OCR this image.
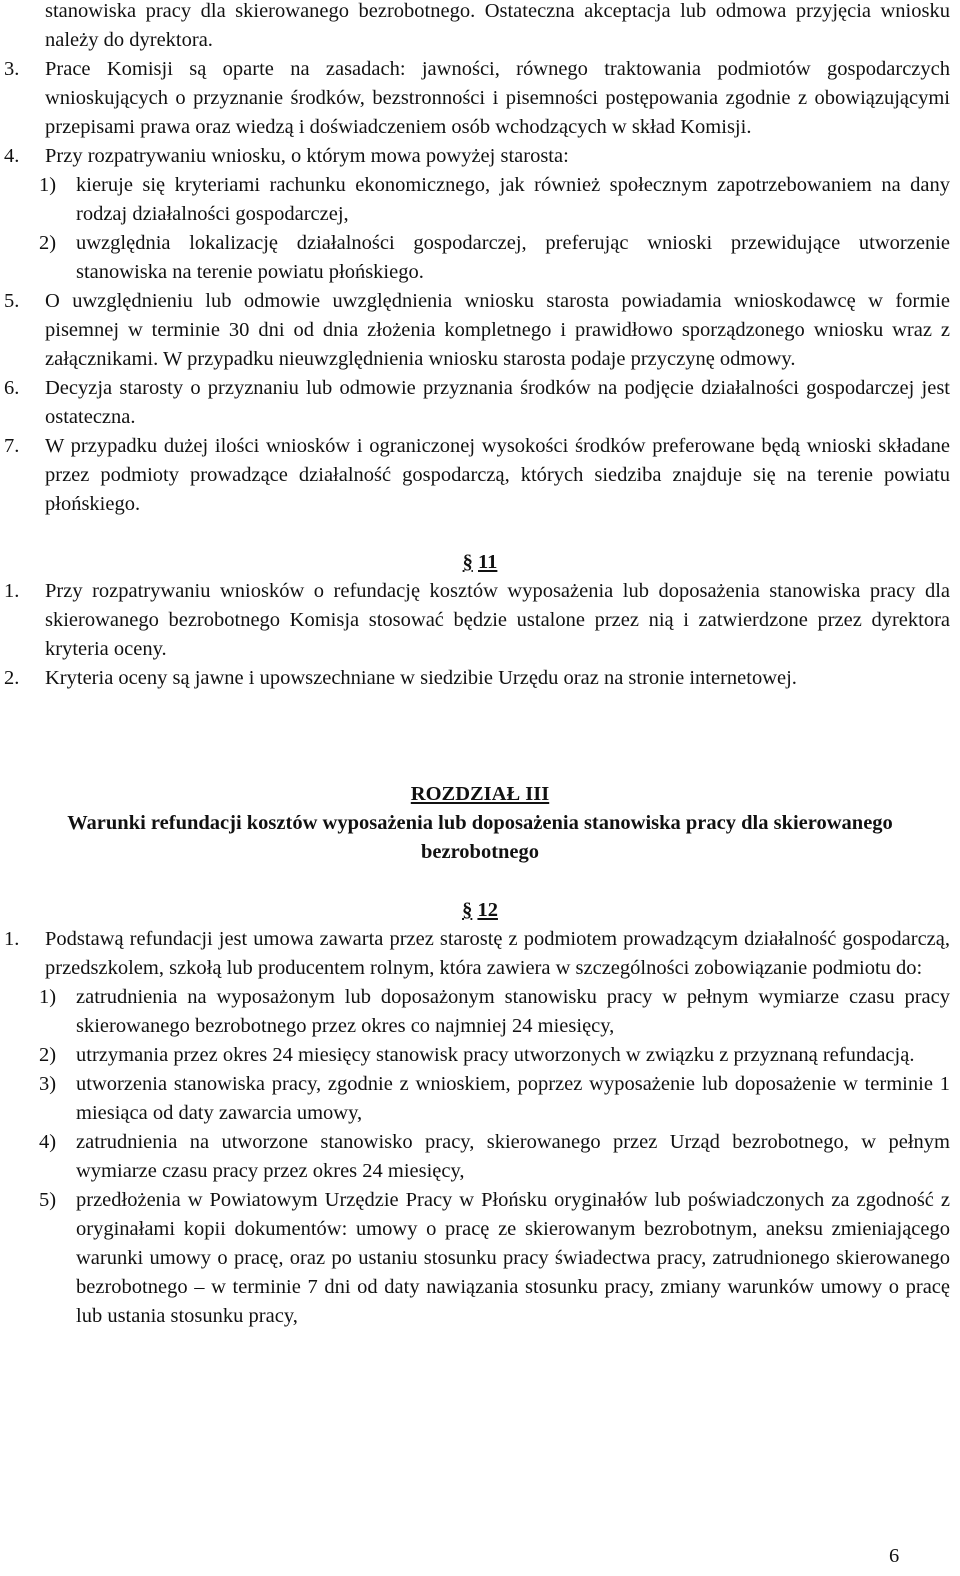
stanowiska pracy dla skierowanego bezrobotnego. Ostateczna akceptacja lub odmowa przyjęcia wniosku należy do dyrektora.
3. Prace Komisji są oparte na zasadach: jawności, równego traktowania podmiotów gospodarczych wnioskujących o przyznanie środków, bezstronności i pisemności postępowania zgodnie z obowiązującymi przepisami prawa oraz wiedzą i doświadczeniem osób wchodzących w skład Komisji.
4. Przy rozpatrywaniu wniosku, o którym mowa powyżej starosta:
1) kieruje się kryteriami rachunku ekonomicznego, jak również społecznym zapotrzebowaniem na dany rodzaj działalności gospodarczej,
2) uwzględnia lokalizację działalności gospodarczej, preferując wnioski przewidujące utworzenie stanowiska na terenie powiatu płońskiego.
5. O uwzględnieniu lub odmowie uwzględnienia wniosku starosta powiadamia wnioskodawcę w formie pisemnej w terminie 30 dni od dnia złożenia kompletnego i prawidłowo sporządzonego wniosku wraz z załącznikami. W przypadku nieuwzględnienia wniosku starosta podaje przyczynę odmowy.
6. Decyzja starosty o przyznaniu lub odmowie przyznania środków na podjęcie działalności gospodarczej jest ostateczna.
7. W przypadku dużej ilości wniosków i ograniczonej wysokości środków preferowane będą wnioski składane przez podmioty prowadzące działalność gospodarczą, których siedziba znajduje się na terenie powiatu płońskiego.
§ 11
1. Przy rozpatrywaniu wniosków o refundację kosztów wyposażenia lub doposażenia stanowiska pracy dla skierowanego bezrobotnego Komisja stosować będzie ustalone przez nią i zatwierdzone przez dyrektora kryteria oceny.
2. Kryteria oceny są jawne i upowszechniane w siedzibie Urzędu oraz na stronie internetowej.
ROZDZIAŁ III
Warunki refundacji kosztów wyposażenia lub doposażenia stanowiska pracy dla skierowanego bezrobotnego
§ 12
1. Podstawą refundacji jest umowa zawarta przez starostę z podmiotem prowadzącym działalność gospodarczą, przedszkolem, szkołą lub producentem rolnym, która zawiera w szczególności zobowiązanie podmiotu do:
1) zatrudnienia na wyposażonym lub doposażonym stanowisku pracy w pełnym wymiarze czasu pracy skierowanego bezrobotnego przez okres co najmniej 24 miesięcy,
2) utrzymania przez okres 24 miesięcy stanowisk pracy utworzonych w związku z przyznaną refundacją.
3) utworzenia stanowiska pracy, zgodnie z wnioskiem, poprzez wyposażenie lub doposażenie w terminie 1 miesiąca od daty zawarcia umowy,
4) zatrudnienia na utworzone stanowisko pracy, skierowanego przez Urząd bezrobotnego, w pełnym wymiarze czasu pracy przez okres 24 miesięcy,
5) przedłożenia w Powiatowym Urzędzie Pracy w Płońsku oryginałów lub poświadczonych za zgodność z oryginałami kopii dokumentów: umowy o pracę ze skierowanym bezrobotnym, aneksu zmieniającego warunki umowy o pracę, oraz po ustaniu stosunku pracy świadectwa pracy, zatrudnionego skierowanego bezrobotnego – w terminie 7 dni od daty nawiązania stosunku pracy, zmiany warunków umowy o pracę lub ustania stosunku pracy,
6
